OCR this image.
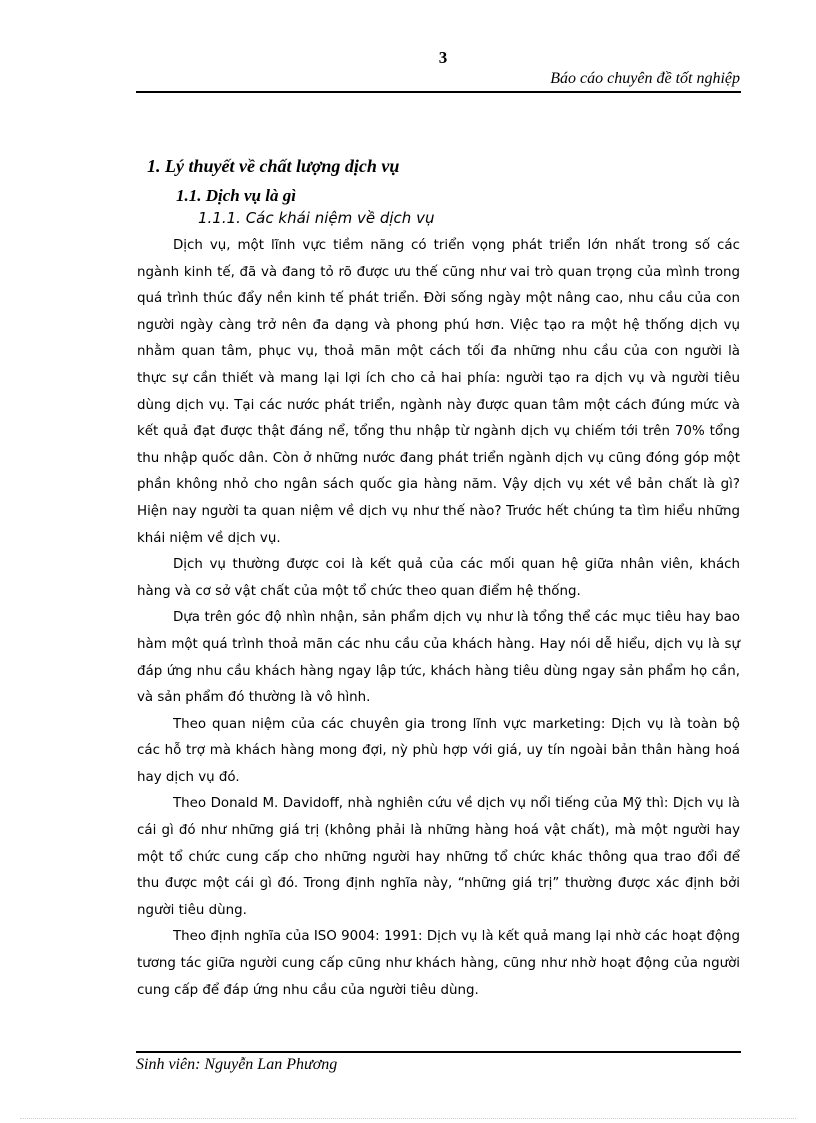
3
Báo cáo chuyên đề tốt nghiệp
1. Lý thuyết về chất lượng dịch vụ
1.1. Dịch vụ là gì
1.1.1. Các khái niệm về dịch vụ

Dịch vụ, một lĩnh vực tiềm năng có triển vọng phát triển lớn nhất trong số các ngành kinh tế, đã và đang tỏ rõ được ưu thế cũng như vai trò quan trọng của mình trong quá trình thúc đẩy nền kinh tế phát triển. Đời sống ngày một nâng cao, nhu cầu của con người ngày càng trở nên đa dạng và phong phú hơn. Việc tạo ra một hệ thống dịch vụ nhằm quan tâm, phục vụ, thoả mãn một cách tối đa những nhu cầu của con người là thực sự cần thiết và mang lại lợi ích cho cả hai phía: người tạo ra dịch vụ và người tiêu dùng dịch vụ. Tại các nước phát triển, ngành này được quan tâm một cách đúng mức và kết quả đạt được thật đáng nể, tổng thu nhập từ ngành dịch vụ chiếm tới trên 70% tổng thu nhập quốc dân. Còn ở những nước đang phát triển ngành dịch vụ cũng đóng góp một phần không nhỏ cho ngân sách quốc gia hàng năm. Vậy dịch vụ xét về bản chất là gì? Hiện nay người ta quan niệm về dịch vụ như thế nào? Trước hết chúng ta tìm hiểu những khái niệm về dịch vụ.

Dịch vụ thường được coi là kết quả của các mối quan hệ giữa nhân viên, khách hàng và cơ sở vật chất của một tổ chức theo quan điểm hệ thống.

Dựa trên góc độ nhìn nhận, sản phẩm dịch vụ như là tổng thể các mục tiêu hay bao hàm một quá trình thoả mãn các nhu cầu của khách hàng. Hay nói dễ hiểu, dịch vụ là sự đáp ứng nhu cầu khách hàng ngay lập tức, khách hàng tiêu dùng ngay sản phẩm họ cần, và sản phẩm đó thường là vô hình.

Theo quan niệm của các chuyên gia trong lĩnh vực marketing: Dịch vụ là toàn bộ các hỗ trợ mà khách hàng mong đợi, nỳ phù hợp với giá, uy tín ngoài bản thân hàng hoá hay dịch vụ đó.

Theo Donald M. Davidoff, nhà nghiên cứu về dịch vụ nổi tiếng của Mỹ thì: Dịch vụ là cái gì đó như những giá trị (không phải là những hàng hoá vật chất), mà một người hay một tổ chức cung cấp cho những người hay những tổ chức khác thông qua trao đổi để thu được một cái gì đó. Trong định nghĩa này, “những giá trị” thường được xác định bởi người tiêu dùng.

Theo định nghĩa của ISO 9004: 1991: Dịch vụ là kết quả mang lại nhờ các hoạt động tương tác giữa người cung cấp cũng như khách hàng, cũng như nhờ hoạt động của người cung cấp để đáp ứng nhu cầu của người tiêu dùng.

Sinh viên: Nguyễn Lan Phương
